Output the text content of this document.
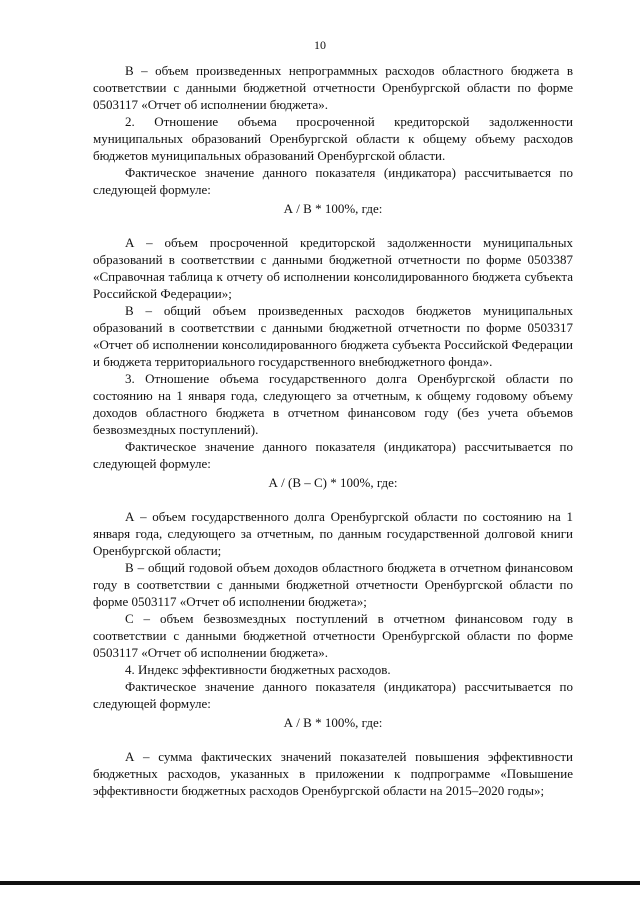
10

В – объем произведенных непрограммных расходов областного бюджета в соответствии с данными бюджетной отчетности Оренбургской области по форме 0503117 «Отчет об исполнении бюджета».

2. Отношение объема просроченной кредиторской задолженности муниципальных образований Оренбургской области к общему объему расходов бюджетов муниципальных образований Оренбургской области.

Фактическое значение данного показателя (индикатора) рассчитывается по следующей формуле:

А / В * 100%, где:

А – объем просроченной кредиторской задолженности муниципальных образований в соответствии с данными бюджетной отчетности по форме 0503387 «Справочная таблица к отчету об исполнении консолидированного бюджета субъекта Российской Федерации»;

В – общий объем произведенных расходов бюджетов муниципальных образований в соответствии с данными бюджетной отчетности по форме 0503317 «Отчет об исполнении консолидированного бюджета субъекта Российской Федерации и бюджета территориального государственного внебюджетного фонда».

3. Отношение объема государственного долга Оренбургской области по состоянию на 1 января года, следующего за отчетным, к общему годовому объему доходов областного бюджета в отчетном финансовом году (без учета объемов безвозмездных поступлений).

Фактическое значение данного показателя (индикатора) рассчитывается по следующей формуле:

А / (В – С) * 100%, где:

А – объем государственного долга Оренбургской области по состоянию на 1 января года, следующего за отчетным, по данным государственной долговой книги Оренбургской области;

В – общий годовой объем доходов областного бюджета в отчетном финансовом году в соответствии с данными бюджетной отчетности Оренбургской области по форме 0503117 «Отчет об исполнении бюджета»;

С – объем безвозмездных поступлений в отчетном финансовом году в соответствии с данными бюджетной отчетности Оренбургской области по форме 0503117 «Отчет об исполнении бюджета».

4. Индекс эффективности бюджетных расходов.

Фактическое значение данного показателя (индикатора) рассчитывается по следующей формуле:

А / В * 100%, где:

А – сумма фактических значений показателей повышения эффективности бюджетных расходов, указанных в приложении к подпрограмме «Повышение эффективности бюджетных расходов Оренбургской области на 2015–2020 годы»;
